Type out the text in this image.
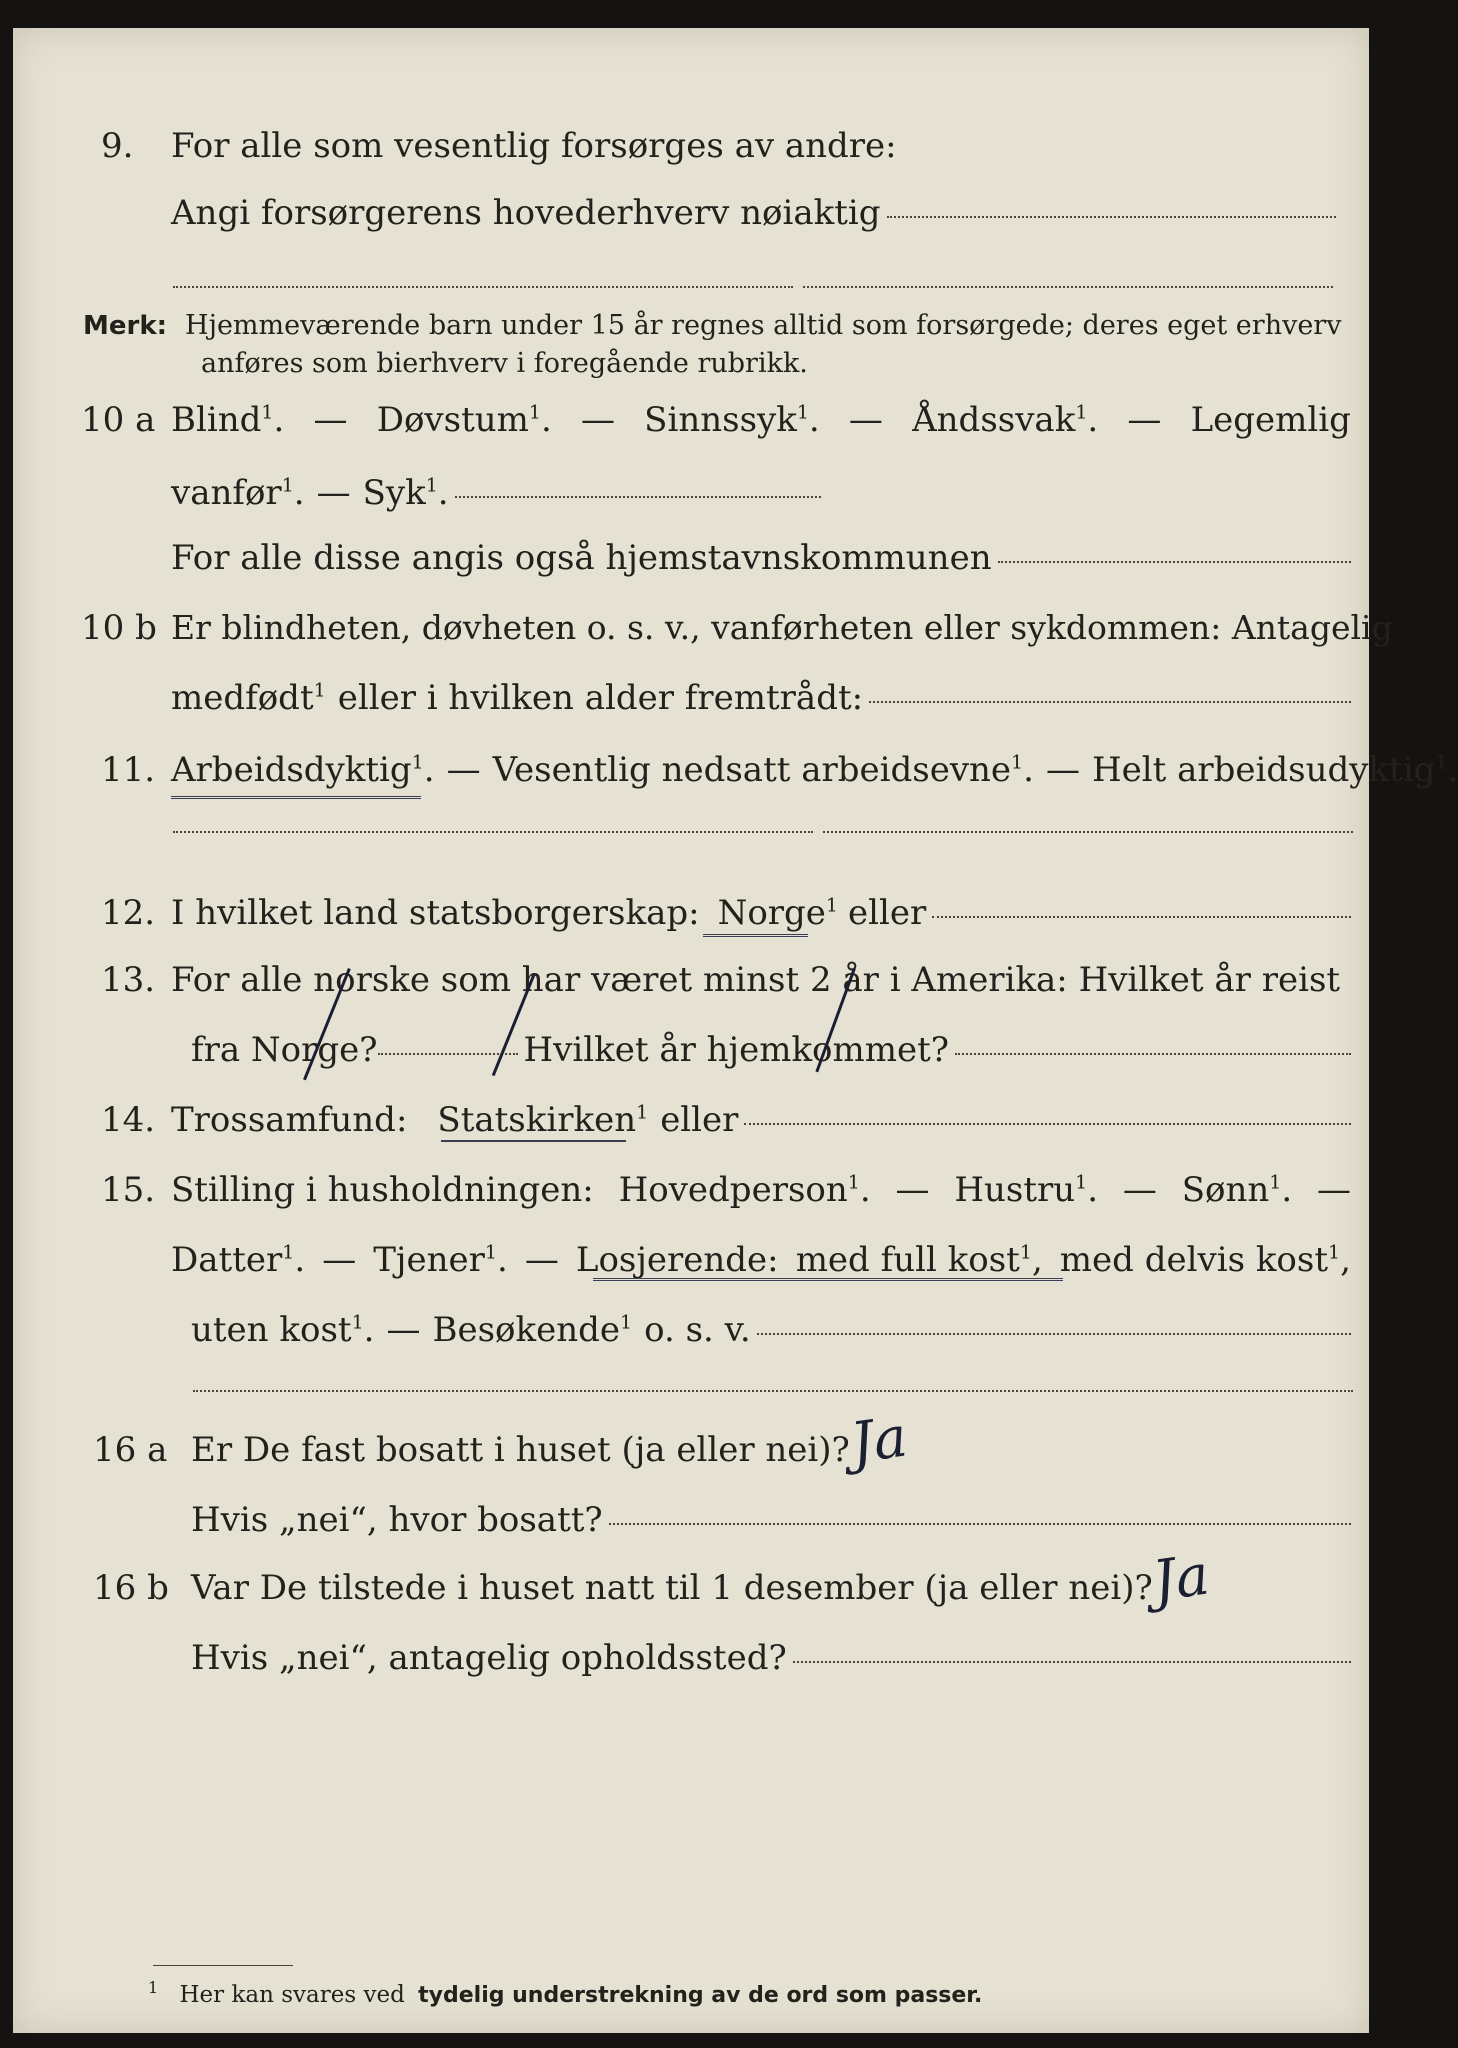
9. For alle som vesentlig forsørges av andre:
Angi forsørgerens hovederhverv nøiaktig
Merk: Hjemmeværende barn under 15 år regnes alltid som forsørgede; deres eget erhverv
anføres som bierhverv i foregående rubrikk.
10 a Blind$^1$. — Døvstum$^1$. — Sinnssyk$^1$. — Åndssvak$^1$. — Legemlig
vanfør$^1$. — Syk$^1$.
For alle disse angis også hjemstavnskommunen
10 b Er blindheten, døvheten o. s. v., vanførheten eller sykdommen: Antagelig
medfødt$^1$ eller i hvilken alder fremtrådt:
11. Arbeidsdyktig$^1$. — Vesentlig nedsatt arbeidsevne$^1$. — Helt arbeidsudyktig$^1$.
12. I hvilket land statsborgerskap: Norge$^1$ eller
13. For alle norske som har været minst 2 år i Amerika: Hvilket år reist
fra Norge?	Hvilket år hjemkommet?
14. Trossamfund: Statskirken$^1$ eller
15. Stilling i husholdningen: Hovedperson$^1$. — Hustru$^1$. — Sønn$^1$. —
Datter$^1$. — Tjener$^1$. — Losjerende: med full kost$^1$, med delvis kost$^1$,
uten kost$^1$. — Besøkende$^1$ o. s. v.
16 a Er De fast bosatt i huset (ja eller nei)?
Ja
Hvis „nei“, hvor bosatt?
16 b Var De tilstede i huset natt til 1 desember (ja eller nei)?
Ja
Hvis „nei“, antagelig opholdssted?
$^1$ Her kan svares ved tydelig understrekning av de ord som passer.
